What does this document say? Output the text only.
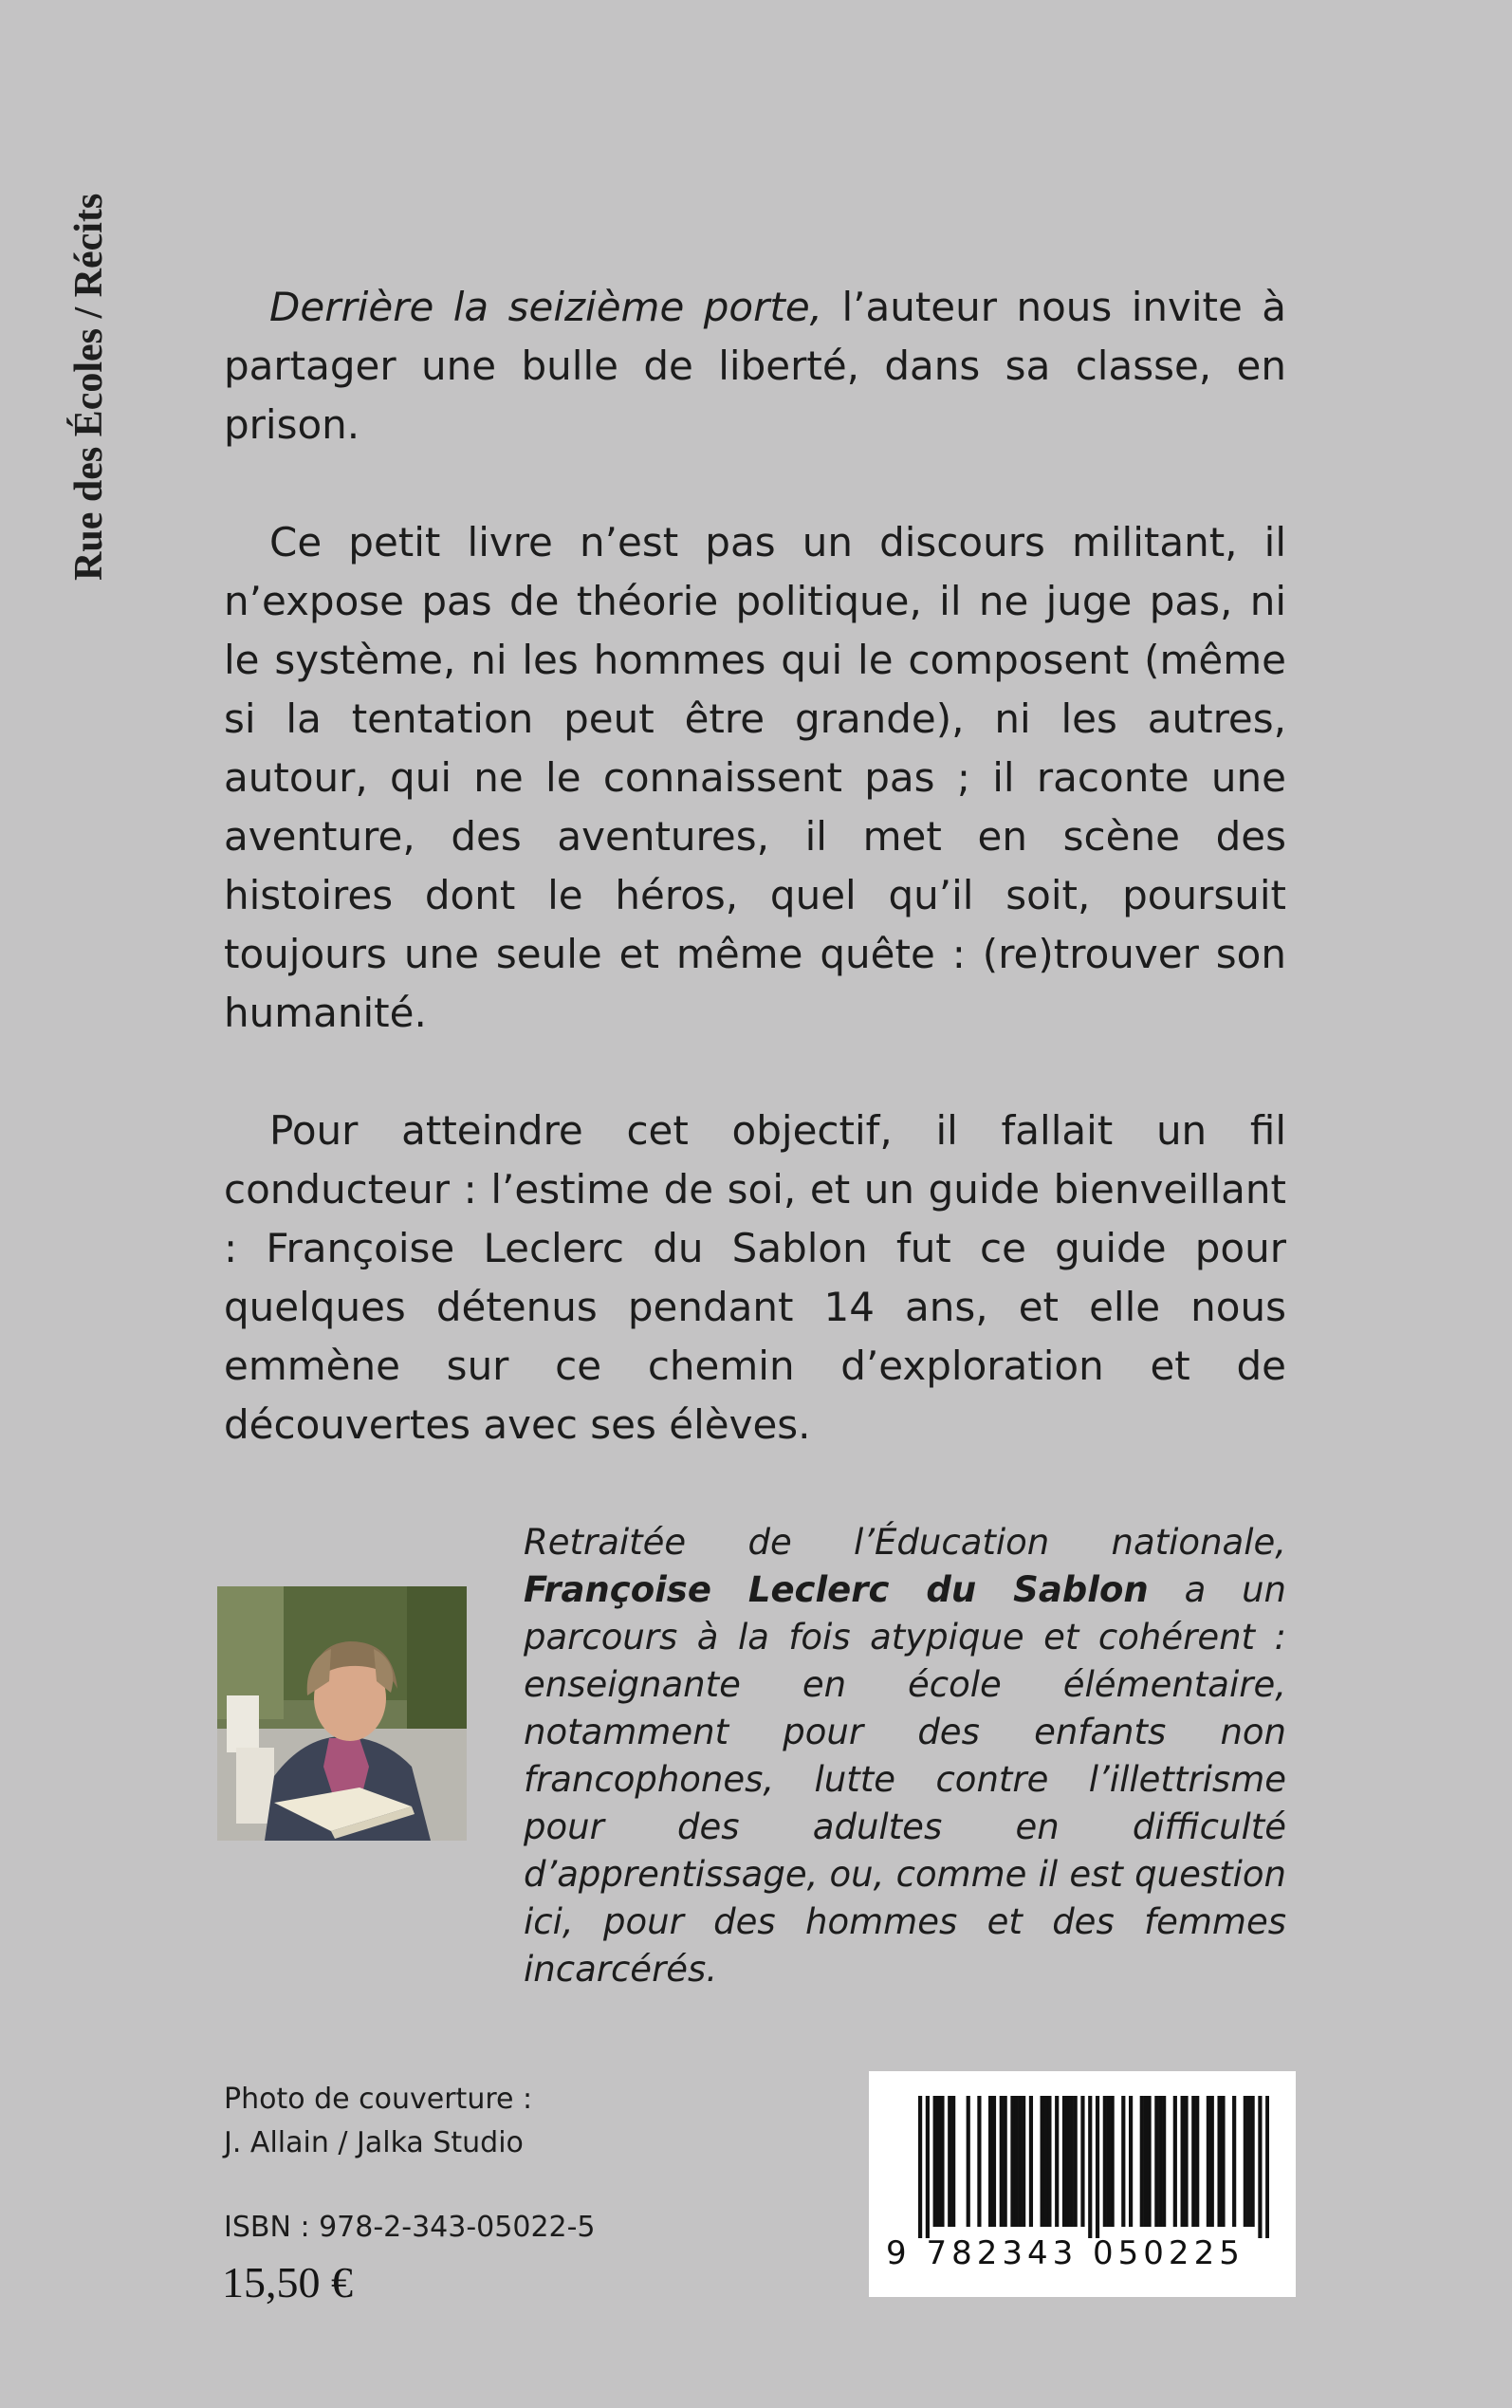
Rue des Écoles / Récits	Derrière la seizième porte, l’auteur nous invite à partager une bulle de liberté, dans sa classe, en prison.

Ce petit livre n’est pas un discours militant, il n’expose pas de théorie politique, il ne juge pas, ni le système, ni les hommes qui le composent (même si la tentation peut être grande), ni les autres, autour, qui ne le connaissent pas ; il raconte une aventure, des aventures, il met en scène des histoires dont le héros, quel qu’il soit, poursuit toujours une seule et même quête : (re)trouver son humanité.

Pour atteindre cet objectif, il fallait un fil conducteur : l’estime de soi, et un guide bienveillant : Françoise Leclerc du Sablon fut ce guide pour quelques détenus pendant 14 ans, et elle nous emmène sur ce chemin d’exploration et de découvertes avec ses élèves.

Retraitée de l’Éducation nationale, Françoise Leclerc du Sablon a un parcours à la fois atypique et cohérent : enseignante en école élémentaire, notamment pour des enfants non francophones, lutte contre l’illettrisme pour des adultes en difficulté d’apprentissage, ou, comme il est question ici, pour des hommes et des femmes incarcérés.
Photo de couverture :
J. Allain / Jalka Studio
ISBN : 978-2-343-05022-5
15,50 €
9 782343 050225
